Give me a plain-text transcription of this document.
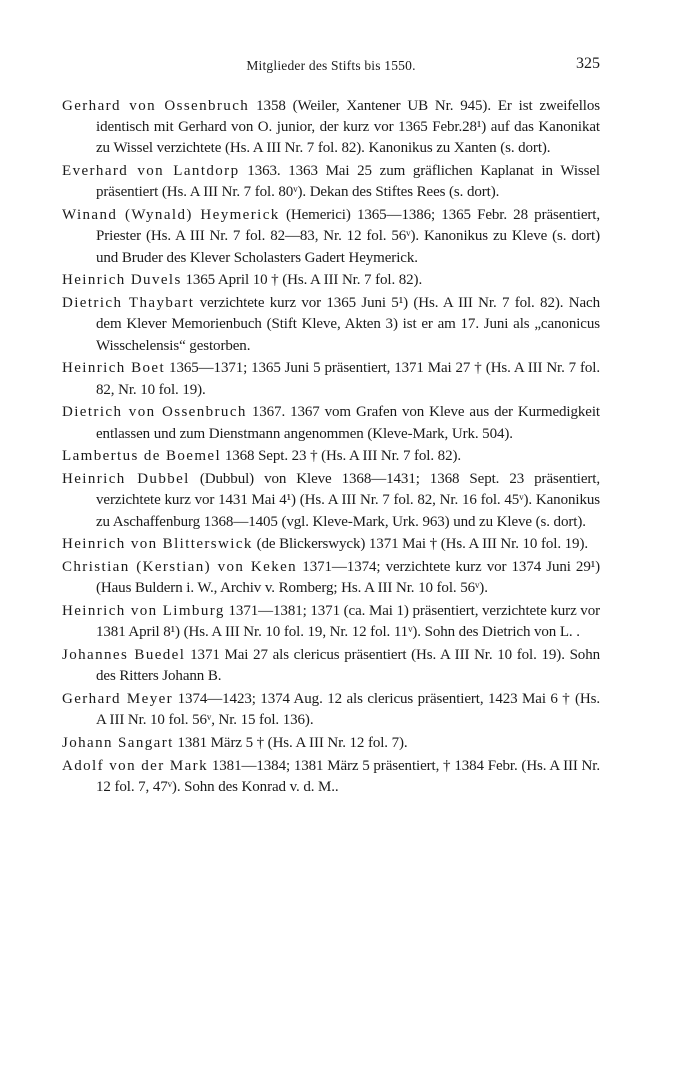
Mitglieder des Stifts bis 1550.	325

Gerhard von Ossenbruch 1358 (Weiler, Xantener UB Nr. 945). Er ist zweifellos identisch mit Gerhard von O. junior, der kurz vor 1365 Febr.28¹) auf das Kanonikat zu Wissel verzichtete (Hs. A III Nr. 7 fol. 82). Kanonikus zu Xanten (s. dort).

Everhard von Lantdorp 1363. 1363 Mai 25 zum gräflichen Kaplanat in Wissel präsentiert (Hs. A III Nr. 7 fol. 80ᵛ). Dekan des Stiftes Rees (s. dort).

Winand (Wynald) Heymerick (Hemerici) 1365—1386; 1365 Febr. 28 präsentiert, Priester (Hs. A III Nr. 7 fol. 82—83, Nr. 12 fol. 56ᵛ). Kanonikus zu Kleve (s. dort) und Bruder des Klever Scholasters Gadert Heymerick.

Heinrich Duvels 1365 April 10 † (Hs. A III Nr. 7 fol. 82).

Dietrich Thaybart verzichtete kurz vor 1365 Juni 5¹) (Hs. A III Nr. 7 fol. 82). Nach dem Klever Memorienbuch (Stift Kleve, Akten 3) ist er am 17. Juni als „canonicus Wisschelensis“ gestorben.

Heinrich Boet 1365—1371; 1365 Juni 5 präsentiert, 1371 Mai 27 † (Hs. A III Nr. 7 fol. 82, Nr. 10 fol. 19).

Dietrich von Ossenbruch 1367. 1367 vom Grafen von Kleve aus der Kurmedigkeit entlassen und zum Dienstmann angenommen (Kleve-Mark, Urk. 504).

Lambertus de Boemel 1368 Sept. 23 † (Hs. A III Nr. 7 fol. 82).

Heinrich Dubbel (Dubbul) von Kleve 1368—1431; 1368 Sept. 23 präsentiert, verzichtete kurz vor 1431 Mai 4¹) (Hs. A III Nr. 7 fol. 82, Nr. 16 fol. 45ᵛ). Kanonikus zu Aschaffenburg 1368—1405 (vgl. Kleve-Mark, Urk. 963) und zu Kleve (s. dort).

Heinrich von Blitterswick (de Blickerswyck) 1371 Mai † (Hs. A III Nr. 10 fol. 19).

Christian (Kerstian) von Keken 1371—1374; verzichtete kurz vor 1374 Juni 29¹) (Haus Buldern i. W., Archiv v. Romberg; Hs. A III Nr. 10 fol. 56ᵛ).

Heinrich von Limburg 1371—1381; 1371 (ca. Mai 1) präsentiert, verzichtete kurz vor 1381 April 8¹) (Hs. A III Nr. 10 fol. 19, Nr. 12 fol. 11ᵛ). Sohn des Dietrich von L. .

Johannes Buedel 1371 Mai 27 als clericus präsentiert (Hs. A III Nr. 10 fol. 19). Sohn des Ritters Johann B.

Gerhard Meyer 1374—1423; 1374 Aug. 12 als clericus präsentiert, 1423 Mai 6 † (Hs. A III Nr. 10 fol. 56ᵛ, Nr. 15 fol. 136).

Johann Sangart 1381 März 5 † (Hs. A III Nr. 12 fol. 7).

Adolf von der Mark 1381—1384; 1381 März 5 präsentiert, † 1384 Febr. (Hs. A III Nr. 12 fol. 7, 47ᵛ). Sohn des Konrad v. d. M..
